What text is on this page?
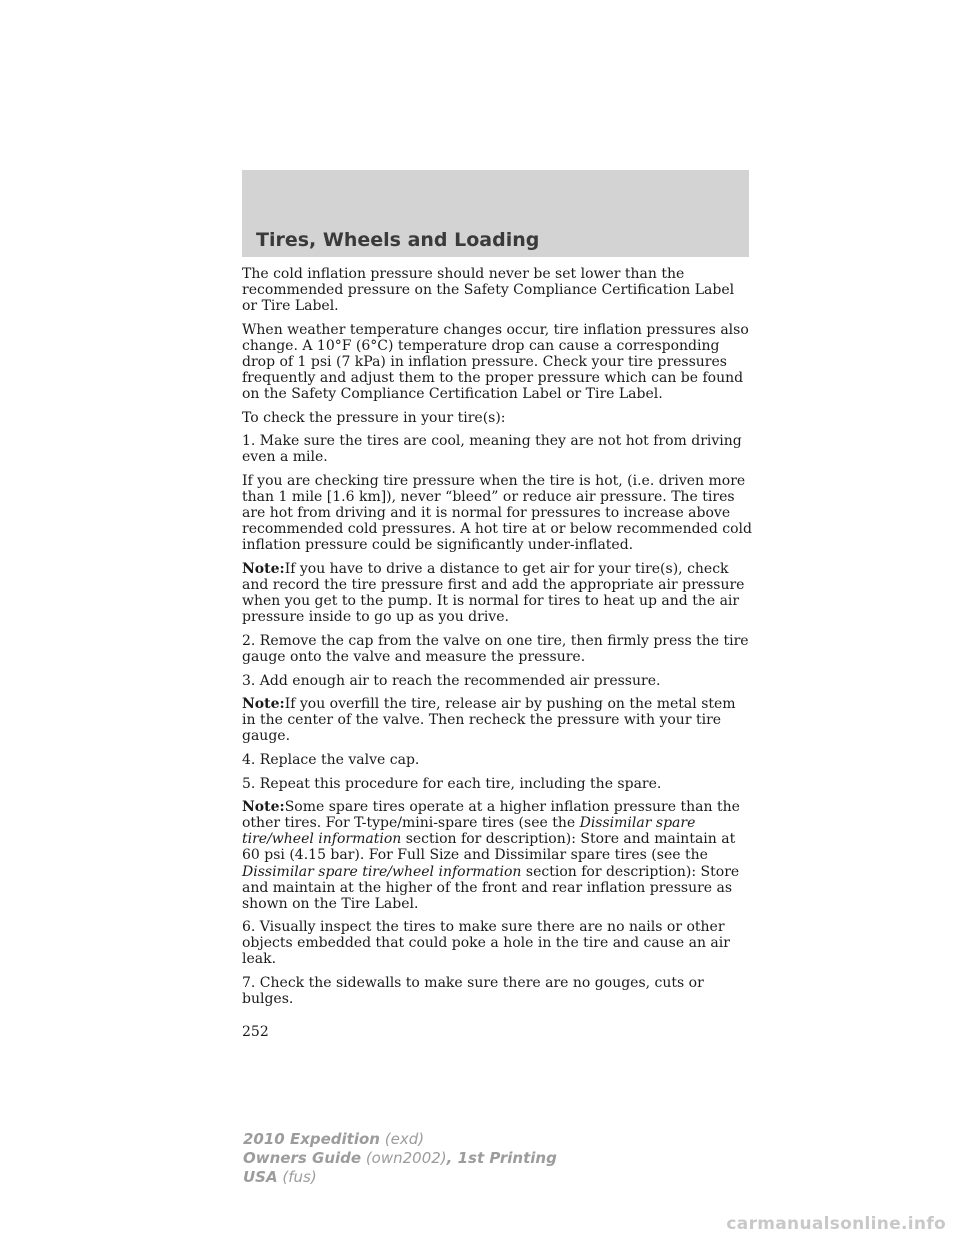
Tires, Wheels and Loading

The cold inflation pressure should never be set lower than the recommended pressure on the Safety Compliance Certification Label or Tire Label.

When weather temperature changes occur, tire inflation pressures also change. A 10°F (6°C) temperature drop can cause a corresponding drop of 1 psi (7 kPa) in inflation pressure. Check your tire pressures frequently and adjust them to the proper pressure which can be found on the Safety Compliance Certification Label or Tire Label.

To check the pressure in your tire(s):

1. Make sure the tires are cool, meaning they are not hot from driving even a mile.

If you are checking tire pressure when the tire is hot, (i.e. driven more than 1 mile [1.6 km]), never “bleed” or reduce air pressure. The tires are hot from driving and it is normal for pressures to increase above recommended cold pressures. A hot tire at or below recommended cold inflation pressure could be significantly under-inflated.

Note:If you have to drive a distance to get air for your tire(s), check and record the tire pressure first and add the appropriate air pressure when you get to the pump. It is normal for tires to heat up and the air pressure inside to go up as you drive.

2. Remove the cap from the valve on one tire, then firmly press the tire gauge onto the valve and measure the pressure.

3. Add enough air to reach the recommended air pressure.

Note:If you overfill the tire, release air by pushing on the metal stem in the center of the valve. Then recheck the pressure with your tire gauge.

4. Replace the valve cap.

5. Repeat this procedure for each tire, including the spare.

Note:Some spare tires operate at a higher inflation pressure than the other tires. For T-type/mini-spare tires (see the Dissimilar spare tire/wheel information section for description): Store and maintain at 60 psi (4.15 bar). For Full Size and Dissimilar spare tires (see the Dissimilar spare tire/wheel information section for description): Store and maintain at the higher of the front and rear inflation pressure as shown on the Tire Label.

6. Visually inspect the tires to make sure there are no nails or other objects embedded that could poke a hole in the tire and cause an air leak.

7. Check the sidewalls to make sure there are no gouges, cuts or bulges.

252
2010 Expedition (exd)
Owners Guide (own2002), 1st Printing
USA (fus)
carmanualsonline.info
